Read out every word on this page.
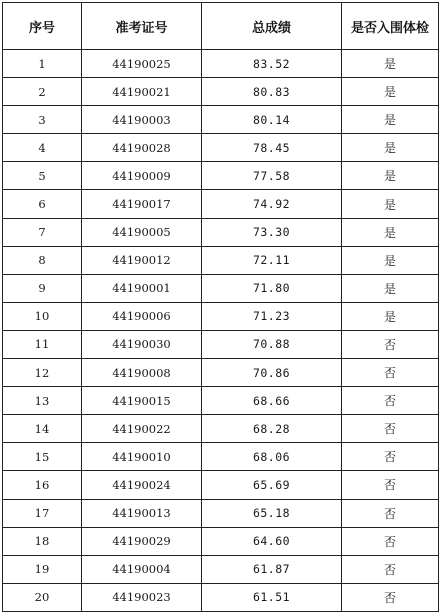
序号	准考证号	总成绩	是否入围体检
1	44190025	83.52	是
2	44190021	80.83	是
3	44190003	80.14	是
4	44190028	78.45	是
5	44190009	77.58	是
6	44190017	74.92	是
7	44190005	73.30	是
8	44190012	72.11	是
9	44190001	71.80	是
10	44190006	71.23	是
11	44190030	70.88	否
12	44190008	70.86	否
13	44190015	68.66	否
14	44190022	68.28	否
15	44190010	68.06	否
16	44190024	65.69	否
17	44190013	65.18	否
18	44190029	64.60	否
19	44190004	61.87	否
20	44190023	61.51	否
